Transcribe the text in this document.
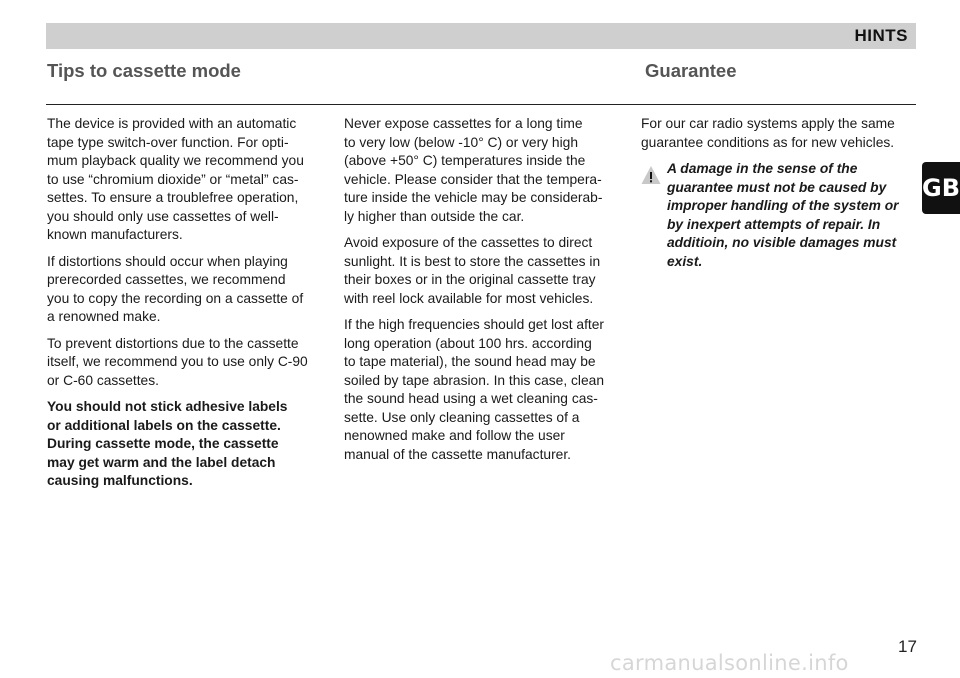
HINTS
Tips to cassette mode	Guarantee

The device is provided with an automatic
tape type switch-over function. For opti-
mum playback quality we recommend you
to use “chromium dioxide” or “metal” cas-
settes. To ensure a troublefree operation,
you should only use cassettes of well-
known manufacturers.

If distortions should occur when playing
prerecorded cassettes, we recommend
you to copy the recording on a cassette of
a renowned make.

To prevent distortions due to the cassette
itself, we recommend you to use only C-90
or C-60 cassettes.

You should not stick adhesive labels
or additional labels on the cassette.
During cassette mode, the cassette
may get warm and the label detach
causing malfunctions.

Never expose cassettes for a long time
to very low (below -10° C) or very high
(above +50° C) temperatures inside the
vehicle. Please consider that the tempera-
ture inside the vehicle may be considerab-
ly higher than outside the car.

Avoid exposure of the cassettes to direct
sunlight. It is best to store the cassettes in
their boxes or in the original cassette tray
with reel lock available for most vehicles.

If the high frequencies should get lost after
long operation (about 100 hrs. according
to tape material), the sound head may be
soiled by tape abrasion. In this case, clean
the sound head using a wet cleaning cas-
sette. Use only cleaning cassettes of a
nenowned make and follow the user
manual of the cassette manufacturer.

For our car radio systems apply the same
guarantee conditions as for new vehicles.

A damage in the sense of the
guarantee must not be caused by
improper handling of the system or
by inexpert attempts of repair. In
additioin, no visible damages must
exist.
GB
17
carmanualsonline.info
